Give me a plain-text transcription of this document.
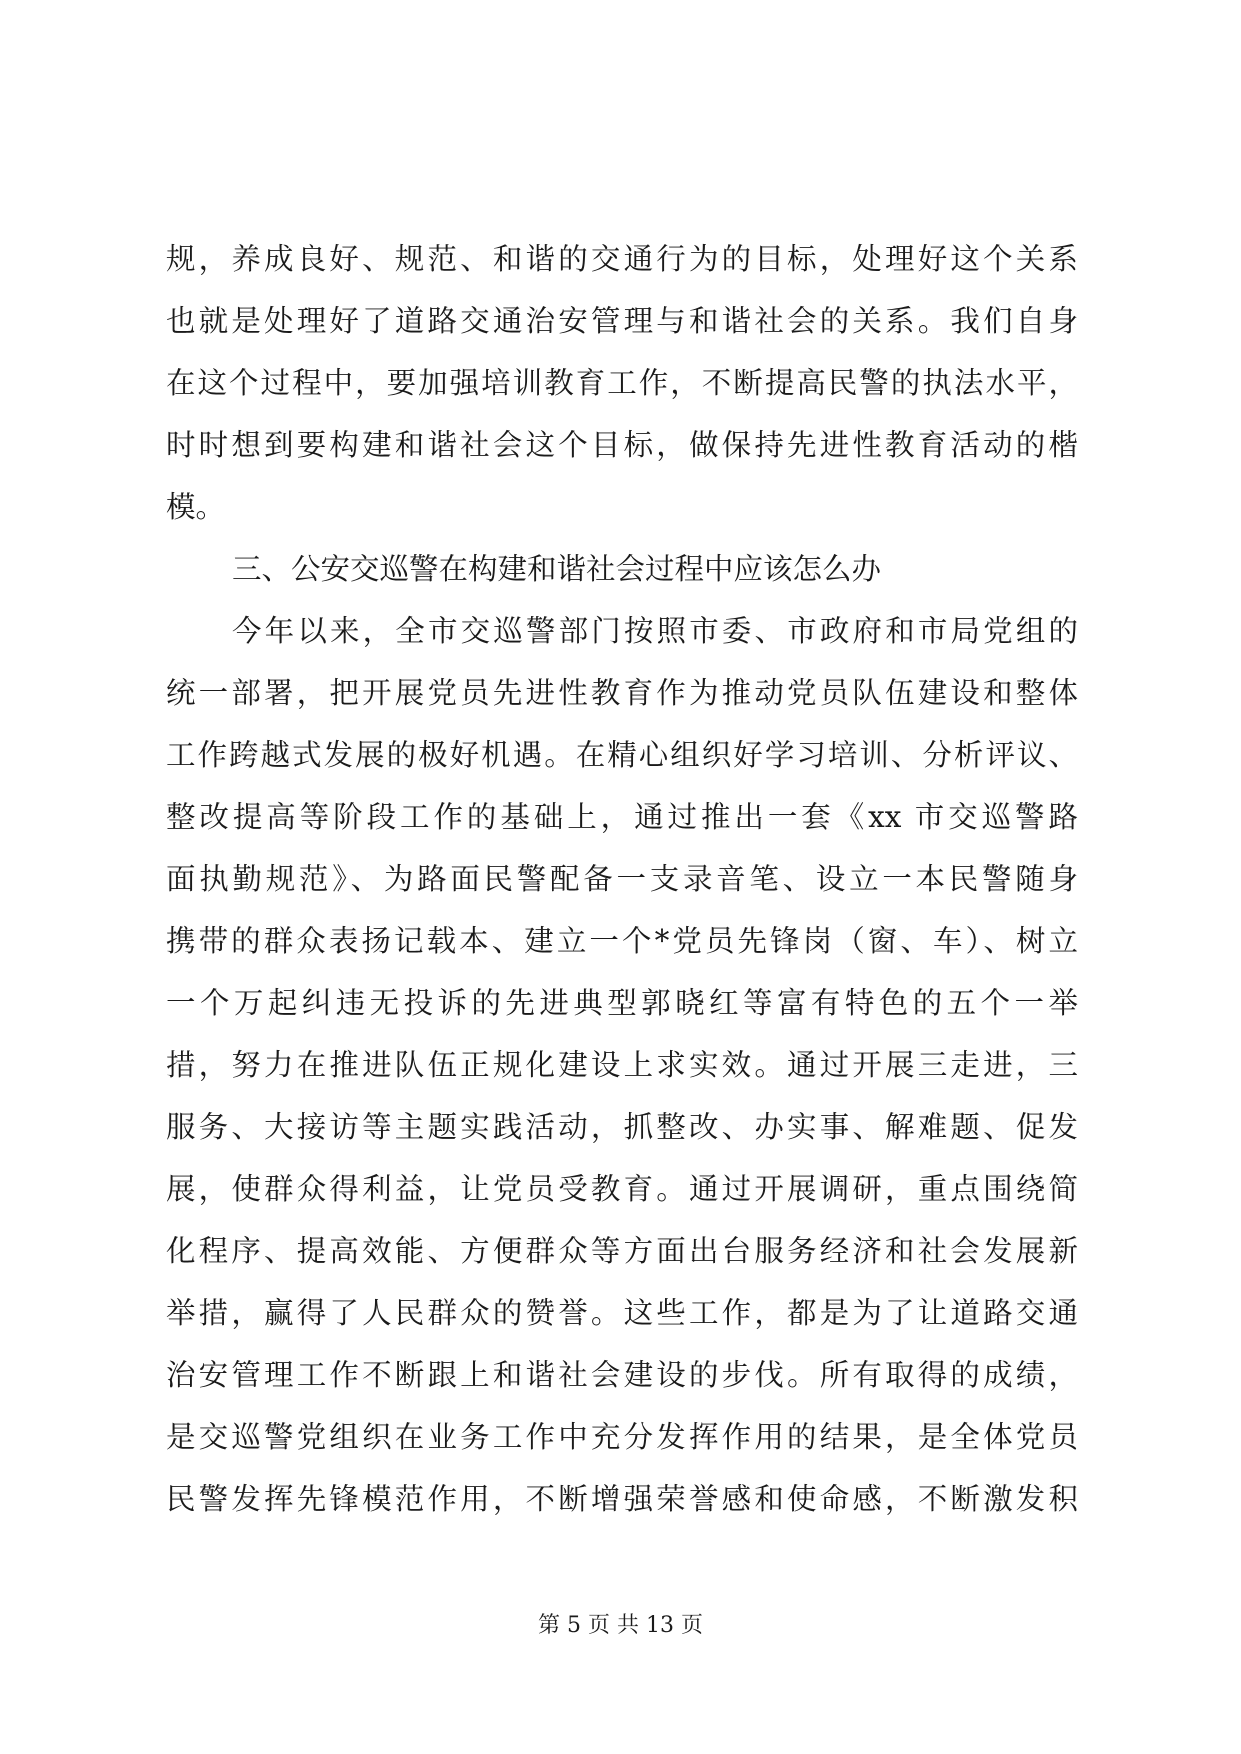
规，养成良好、规范、和谐的交通行为的目标，处理好这个关系
也就是处理好了道路交通治安管理与和谐社会的关系。我们自身
在这个过程中，要加强培训教育工作，不断提高民警的执法水平，
时时想到要构建和谐社会这个目标，做保持先进性教育活动的楷
模。
三、公安交巡警在构建和谐社会过程中应该怎么办
今年以来，全市交巡警部门按照市委、市政府和市局党组的
统一部署，把开展党员先进性教育作为推动党员队伍建设和整体
工作跨越式发展的极好机遇。在精心组织好学习培训、分析评议、
整改提高等阶段工作的基础上，通过推出一套《xx 市交巡警路
面执勤规范》、为路面民警配备一支录音笔、设立一本民警随身
携带的群众表扬记载本、建立一个*党员先锋岗（窗、车）、树立
一个万起纠违无投诉的先进典型郭晓红等富有特色的五个一举
措，努力在推进队伍正规化建设上求实效。通过开展三走进，三
服务、大接访等主题实践活动，抓整改、办实事、解难题、促发
展，使群众得利益，让党员受教育。通过开展调研，重点围绕简
化程序、提高效能、方便群众等方面出台服务经济和社会发展新
举措，赢得了人民群众的赞誉。这些工作，都是为了让道路交通
治安管理工作不断跟上和谐社会建设的步伐。所有取得的成绩，
是交巡警党组织在业务工作中充分发挥作用的结果，是全体党员
民警发挥先锋模范作用，不断增强荣誉感和使命感，不断激发积
第 5 页 共 13 页
